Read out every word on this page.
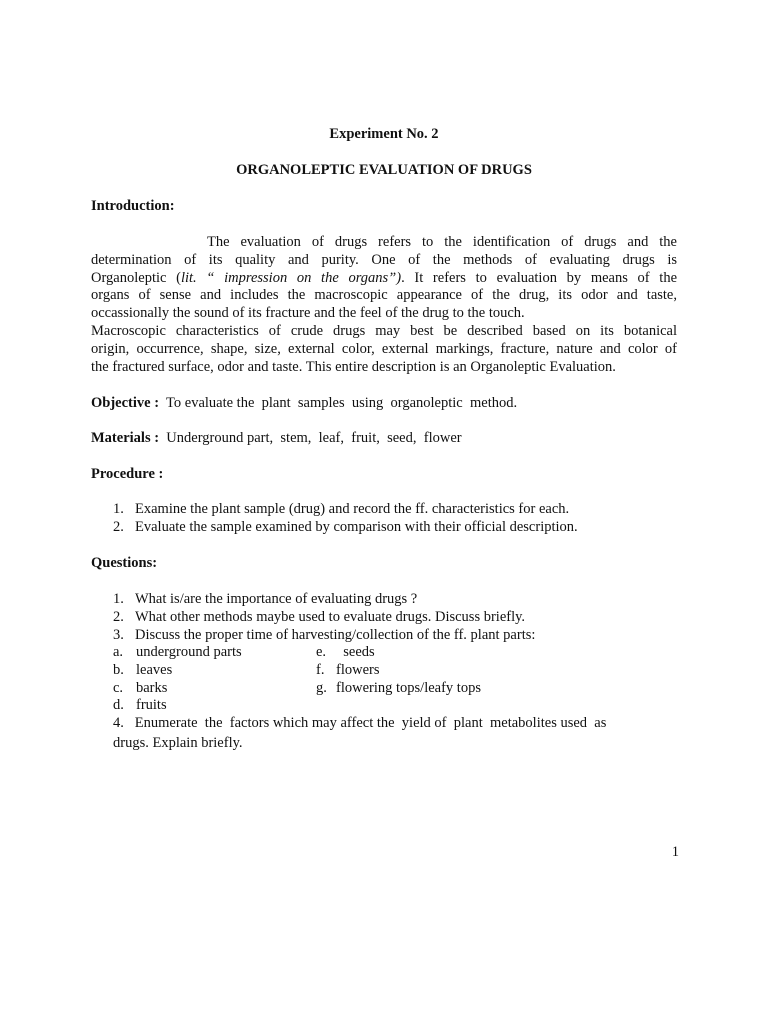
Experiment No. 2
ORGANOLEPTIC EVALUATION OF DRUGS
Introduction:
The evaluation of drugs refers to the identification of drugs and the
determination of its quality and purity. One of the methods of evaluating drugs is
Organoleptic (lit. “ impression on the organs”). It refers to evaluation by means of the
organs of sense and includes the macroscopic appearance of the drug, its odor and taste,
occassionally the sound of its fracture and the feel of the drug to the touch.
Macroscopic characteristics of crude drugs may best be described based on its botanical
origin, occurrence, shape, size, external color, external markings, fracture, nature and color of
the fractured surface, odor and taste. This entire description is an Organoleptic Evaluation.
Objective :  To evaluate the  plant  samples  using  organoleptic  method.
Materials :  Underground part,  stem,  leaf,  fruit,  seed,  flower
Procedure :
1. Examine the plant sample (drug) and record the ff. characteristics for each.
2. Evaluate the sample examined by comparison with their official description.
Questions:
1. What is/are the importance of evaluating drugs ?
2. What other methods maybe used to evaluate drugs. Discuss briefly.
3. Discuss the proper time of harvesting/collection of the ff. plant parts:
a. underground parts	e. seeds
b. leaves	f. flowers
c. barks	g. flowering tops/leafy tops
d. fruits
4.   Enumerate  the  factors which may affect the  yield of  plant  metabolites used  as
drugs. Explain briefly.
1
